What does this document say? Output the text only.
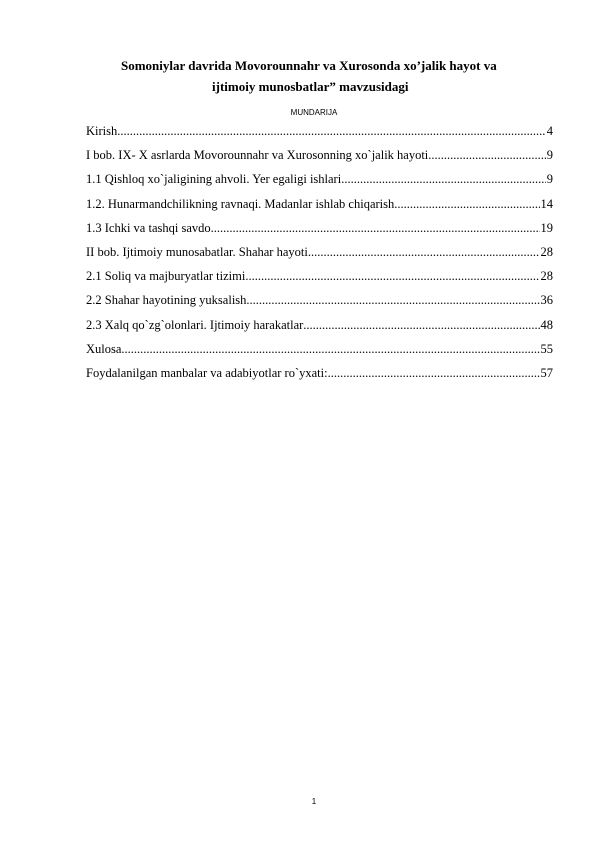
Somoniylar davrida Movorounnahr va Xurosonda xo’jalik hayot va
ijtimoiy munosbatlar” mavzusidagi
MUNDARIJA
Kirish .....	4
I bob. IX- X asrlarda Movorounnahr va Xurosonning xo`jalik hayoti .....	9
1.1 Qishloq xo`jaligining ahvoli. Yer egaligi ishlari .....	9
1.2. Hunarmandchilikning ravnaqi. Madanlar ishlab chiqarish .....	14
1.3 Ichki va tashqi savdo .....	19
II bob. Ijtimoiy munosabatlar. Shahar hayoti .....	28
2.1 Soliq va majburyatlar tizimi .....	28
2.2 Shahar hayotining yuksalish .....	36
2.3 Xalq qo`zg`olonlari. Ijtimoiy harakatlar .....	48
Xulosa .....	55
Foydalanilgan manbalar va adabiyotlar ro`yxati: .....	57
1
